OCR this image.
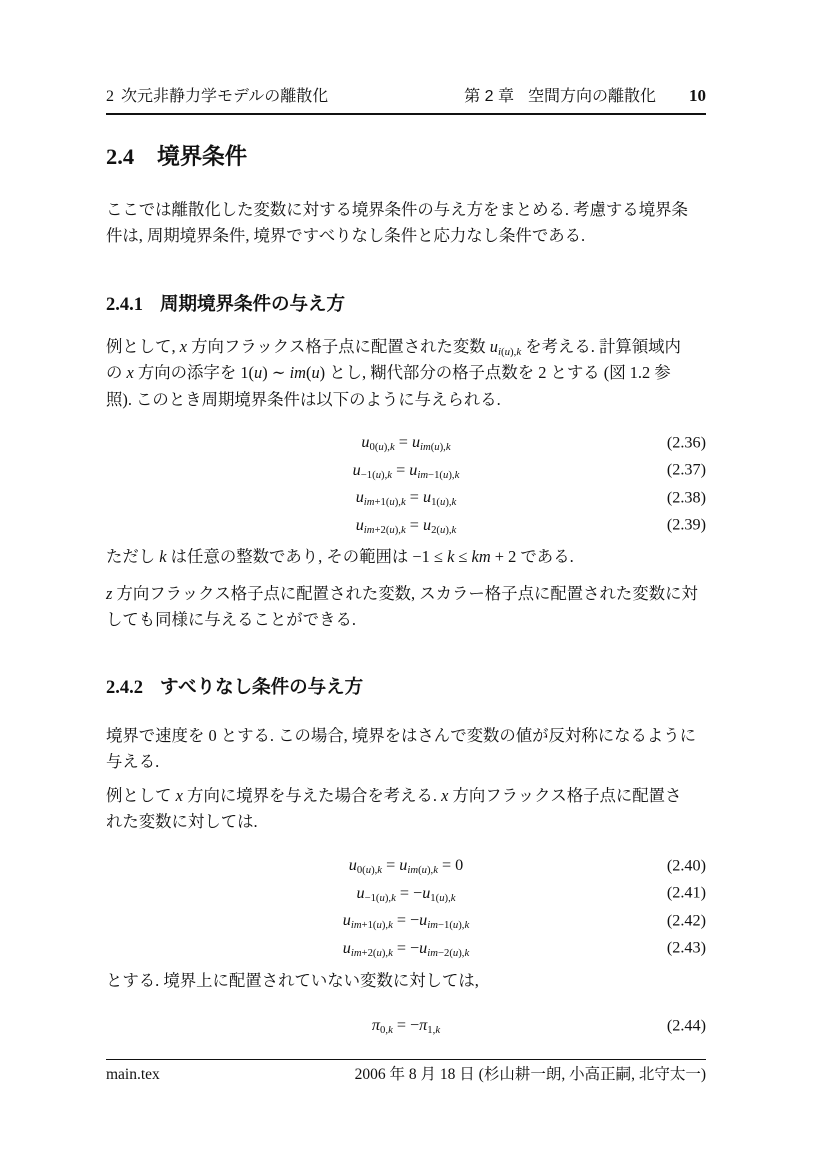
2 次元非静力学モデルの離散化	第 2 章 空間方向の離散化 10
2.4 境界条件
ここでは離散化した変数に対する境界条件の与え方をまとめる. 考慮する境界条
件は, 周期境界条件, 境界ですべりなし条件と応力なし条件である.
2.4.1 周期境界条件の与え方
例として, x 方向フラックス格子点に配置された変数 $u_{i(u),k}$ を考える. 計算領域内
の x 方向の添字を 1(u) ∼ im(u) とし, 糊代部分の格子点数を 2 とする (図 1.2 参
照). このとき周期境界条件は以下のように与えられる.
$u_{0(u),k} = u_{im(u),k}$	(2.36)
$u_{-1(u),k} = u_{im-1(u),k}$	(2.37)
$u_{im+1(u),k} = u_{1(u),k}$	(2.38)
$u_{im+2(u),k} = u_{2(u),k}$	(2.39)
ただし k は任意の整数であり, その範囲は −1 ≤ k ≤ km + 2 である.
z 方向フラックス格子点に配置された変数, スカラー格子点に配置された変数に対
しても同様に与えることができる.
2.4.2 すべりなし条件の与え方
境界で速度を 0 とする. この場合, 境界をはさんで変数の値が反対称になるように
与える.
例として x 方向に境界を与えた場合を考える. x 方向フラックス格子点に配置さ
れた変数に対しては.
$u_{0(u),k} = u_{im(u),k} = 0$	(2.40)
$u_{-1(u),k} = -u_{1(u),k}$	(2.41)
$u_{im+1(u),k} = -u_{im-1(u),k}$	(2.42)
$u_{im+2(u),k} = -u_{im-2(u),k}$	(2.43)
とする. 境界上に配置されていない変数に対しては,
$\pi_{0,k} = -\pi_{1,k}$	(2.44)
main.tex	2006 年 8 月 18 日 (杉山耕一朗, 小高正嗣, 北守太一)
